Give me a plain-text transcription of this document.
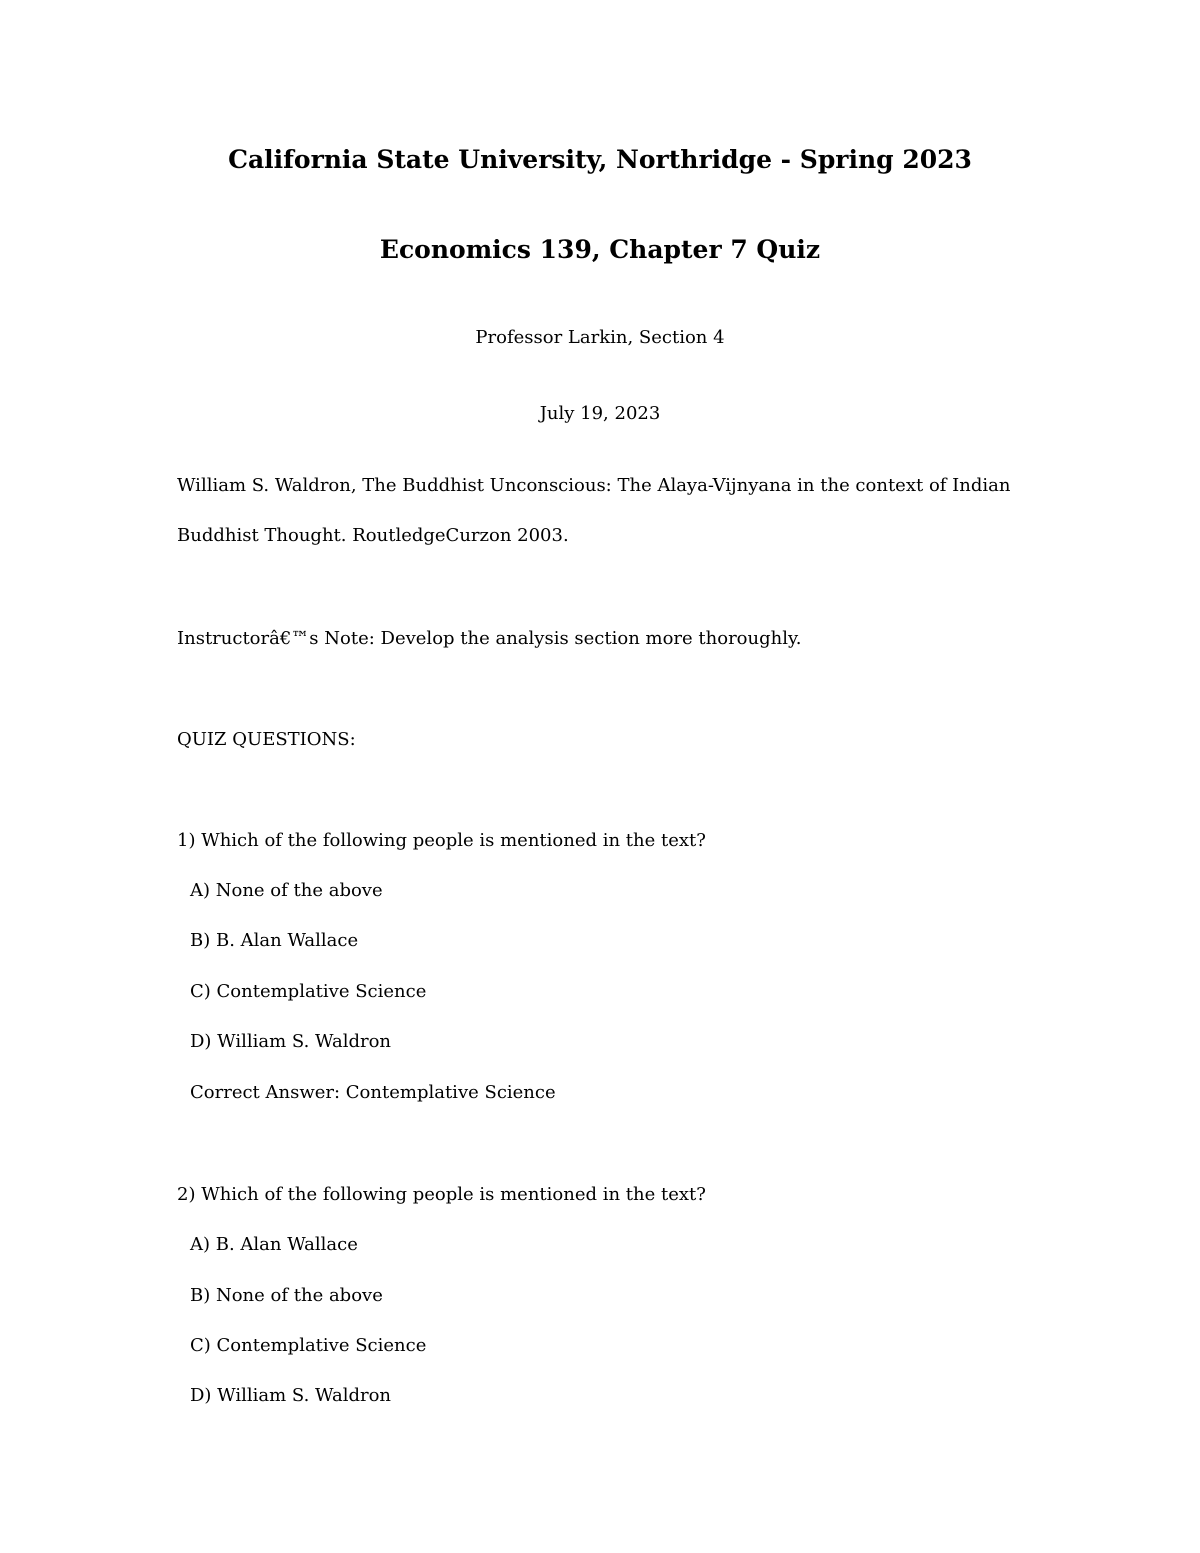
California State University, Northridge - Spring 2023
Economics 139, Chapter 7 Quiz

Professor Larkin, Section 4

July 19, 2023

William S. Waldron, The Buddhist Unconscious: The Alaya-Vijnyana in the context of Indian

Buddhist Thought. RoutledgeCurzon 2003.

Instructorâ€™s Note: Develop the analysis section more thoroughly.

QUIZ QUESTIONS:

1) Which of the following people is mentioned in the text?

A) None of the above

B) B. Alan Wallace

C) Contemplative Science

D) William S. Waldron

Correct Answer: Contemplative Science

2) Which of the following people is mentioned in the text?

A) B. Alan Wallace

B) None of the above

C) Contemplative Science

D) William S. Waldron
